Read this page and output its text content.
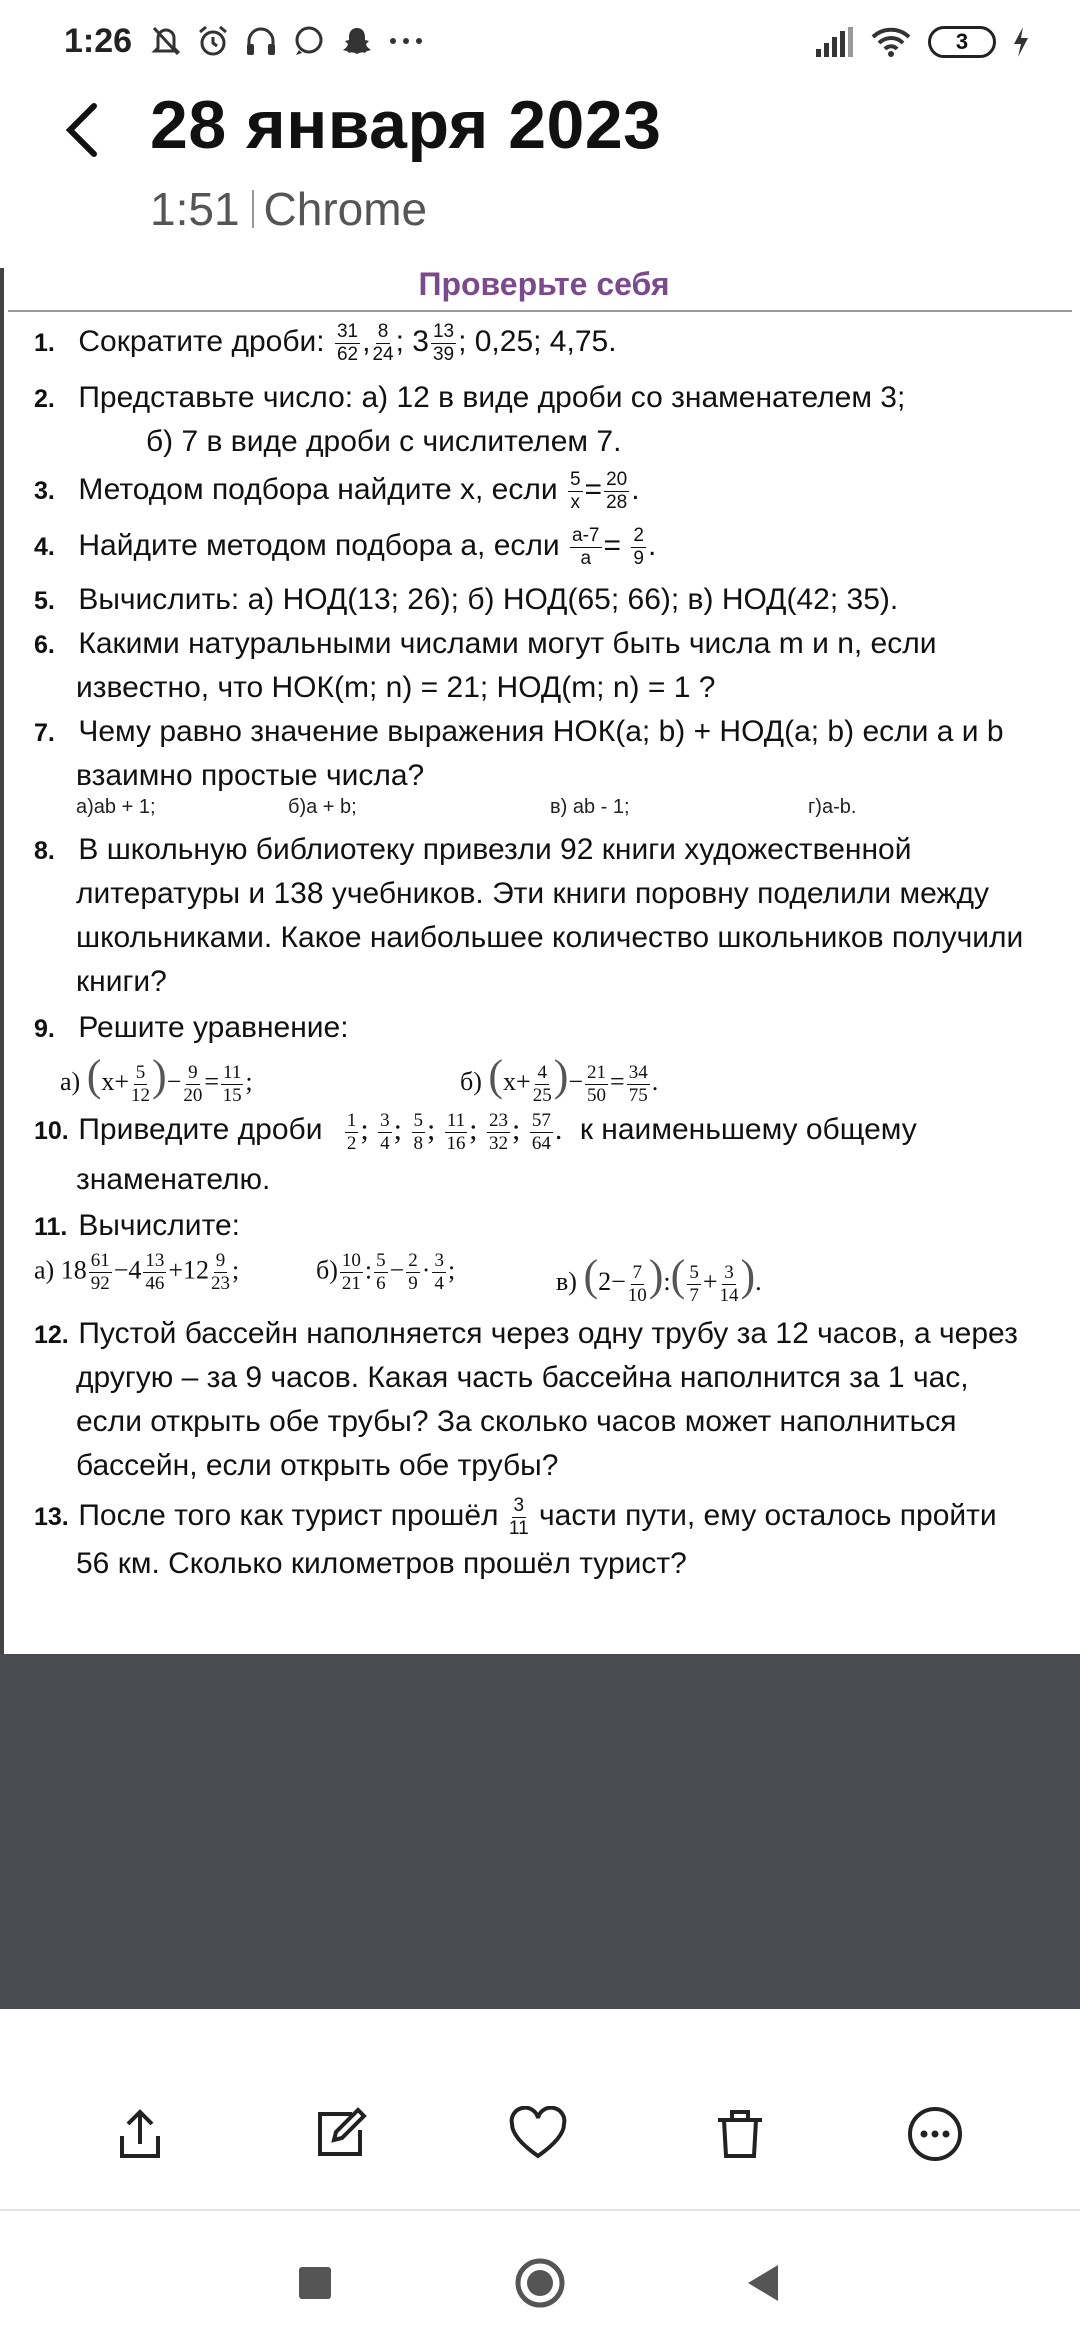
1:26	3
28 января 2023
1:51 Chrome
Проверьте себя
1. Сократите дроби: $\frac{31}{62}$ , $\frac{8}{24}$ ; $3 \frac{13}{39}$ ; 0,25; 4,75.
2. Представьте число: а) 12 в виде дроби со знаменателем 3;
б) 7 в виде дроби с числителем 7.
3. Методом подбора найдите x, если $\frac{5}{x} = \frac{20}{28}$ .
4. Найдите методом подбора а, если $\frac{a-7}{a} = \frac{2}{9}$ .
5. Вычислить: а) НОД(13; 26); б) НОД(65; 66); в) НОД(42; 35).
6. Какими натуральными числами могут быть числа m и n, если
известно, что НОК(m; n) = 21; НОД(m; n) = 1 ?
7. Чему равно значение выражения НОК(a; b) + НОД(a; b) если a и b
взаимно простые числа?
а)ab + 1;	б)a + b;	в) ab - 1;	г)a-b.
8. В школьную библиотеку привезли 92 книги художественной
литературы и 138 учебников. Эти книги поровну поделили между
школьниками. Какое наибольшее количество школьников получили
книги?
9. Решите уравнение:
а) ($x+ \frac{5}{12}$ )− $\frac{9}{20} = \frac{11}{15}$ ;	б) ($x+ \frac{4}{25}$ )− $\frac{21}{50} = \frac{34}{75}$ .
10. Приведите дроби $\frac{1}{2}$ ; $\frac{3}{4}$ ; $\frac{5}{8}$ ; $\frac{11}{16}$ ; $\frac{23}{32}$ ; $\frac{57}{64}$ . к наименьшему общему
знаменателю.
11. Вычислите:
а) $18 \frac{61}{92} -4 \frac{13}{46} +12 \frac{9}{23}$ ;	$б) \frac{10}{21}$ : $\frac{5}{6} - \frac{2}{9} \cdot \frac{3}{4}$ ;	в) ($2- \frac{7}{10}$ ):( $\frac{5}{7} + \frac{3}{14}$ ).
12. Пустой бассейн наполняется через одну трубу за 12 часов, а через
другую – за 9 часов. Какая часть бассейна наполнится за 1 час,
если открыть обе трубы? За сколько часов может наполниться
бассейн, если открыть обе трубы?
13. После того как турист прошёл $\frac{3}{11}$ части пути, ему осталось пройти
56 км. Сколько километров прошёл турист?
